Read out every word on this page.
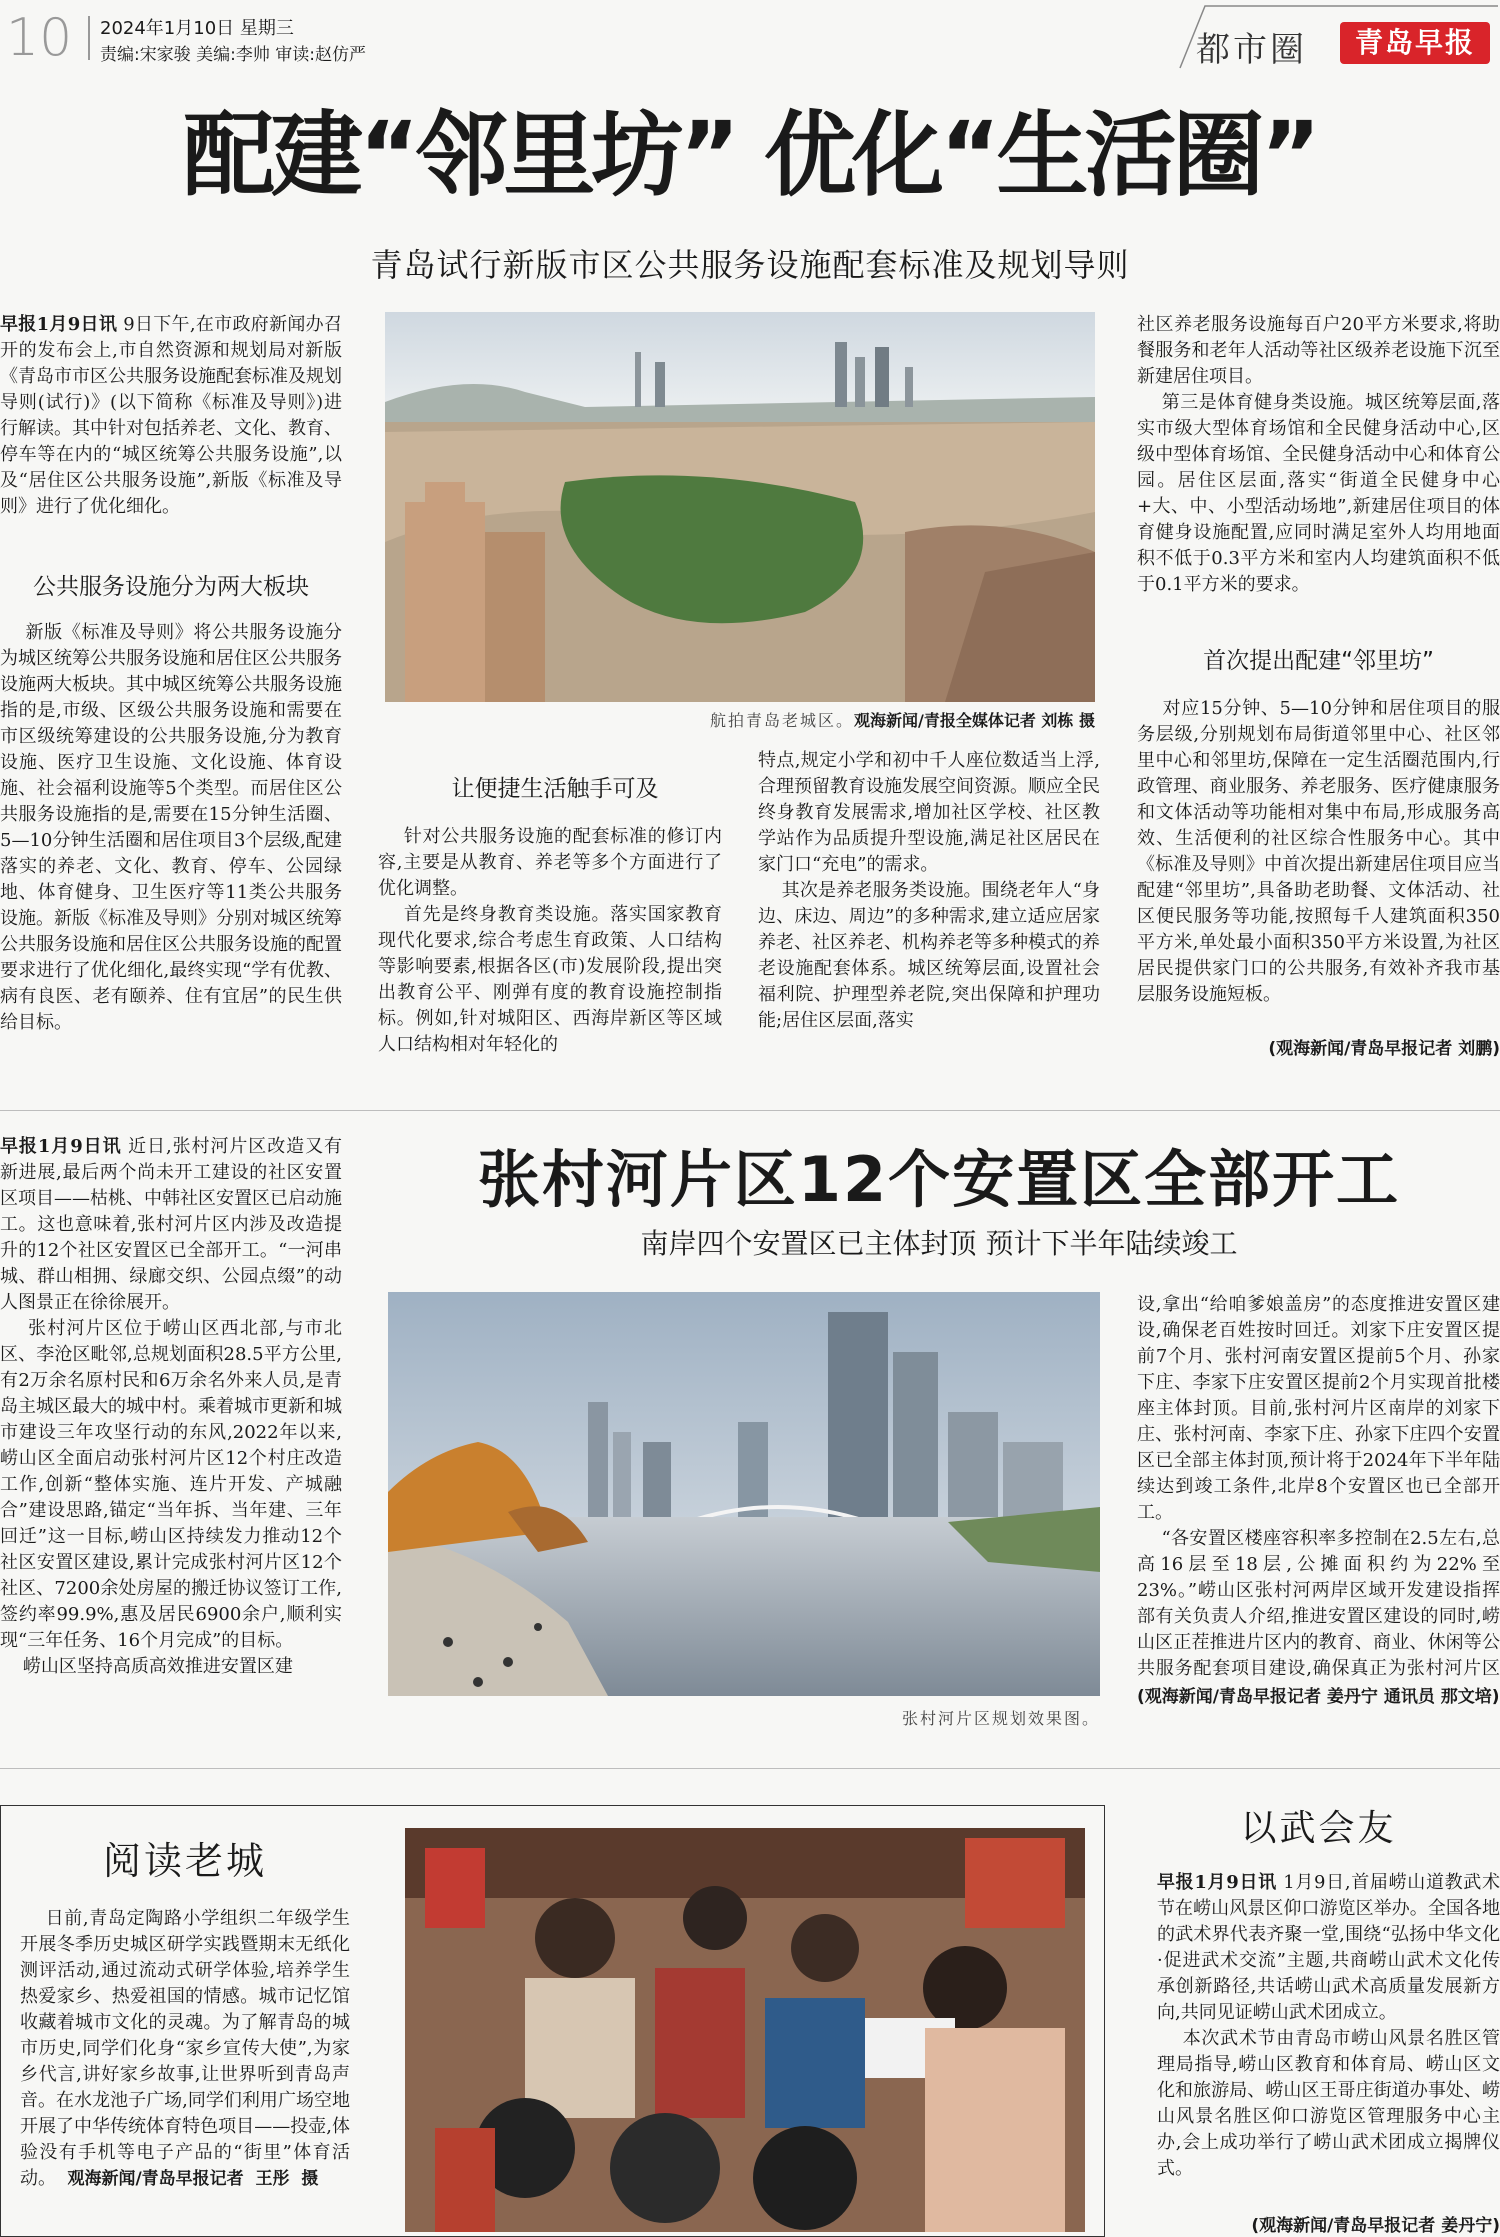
10 2024年1月10日 星期三
责编:宋家骏 美编:李帅 审读:赵仿严	都市圈	青岛早报
配建“邻里坊” 优化“生活圈”
青岛试行新版市区公共服务设施配套标准及规划导则
早报1月9日讯 9日下午,在市政府新闻办召开的发布会上,市自然资源和规划局对新版《青岛市市区公共服务设施配套标准及规划导则(试行)》(以下简称《标准及导则》)进行解读。其中针对包括养老、文化、教育、停车等在内的“城区统筹公共服务设施”,以及“居住区公共服务设施”,新版《标准及导则》进行了优化细化。
公共服务设施分为两大板块
新版《标准及导则》将公共服务设施分为城区统筹公共服务设施和居住区公共服务设施两大板块。其中城区统筹公共服务设施指的是,市级、区级公共服务设施和需要在市区级统筹建设的公共服务设施,分为教育设施、医疗卫生设施、文化设施、体育设施、社会福利设施等5个类型。而居住区公共服务设施指的是,需要在15分钟生活圈、5—10分钟生活圈和居住项目3个层级,配建落实的养老、文化、教育、停车、公园绿地、体育健身、卫生医疗等11类公共服务设施。新版《标准及导则》分别对城区统筹公共服务设施和居住区公共服务设施的配置要求进行了优化细化,最终实现“学有优教、病有良医、老有颐养、住有宜居”的民生供给目标。
航拍青岛老城区。观海新闻/青报全媒体记者 刘栋 摄
让便捷生活触手可及
针对公共服务设施的配套标准的修订内容,主要是从教育、养老等多个方面进行了优化调整。
首先是终身教育类设施。落实国家教育现代化要求,综合考虑生育政策、人口结构等影响要素,根据各区(市)发展阶段,提出突出教育公平、刚弹有度的教育设施控制指标。例如,针对城阳区、西海岸新区等区域人口结构相对年轻化的
特点,规定小学和初中千人座位数适当上浮,合理预留教育设施发展空间资源。顺应全民终身教育发展需求,增加社区学校、社区教学站作为品质提升型设施,满足社区居民在家门口“充电”的需求。
其次是养老服务类设施。围绕老年人“身边、床边、周边”的多种需求,建立适应居家养老、社区养老、机构养老等多种模式的养老设施配套体系。城区统筹层面,设置社会福利院、护理型养老院,突出保障和护理功能;居住区层面,落实
社区养老服务设施每百户20平方米要求,将助餐服务和老年人活动等社区级养老设施下沉至新建居住项目。
第三是体育健身类设施。城区统筹层面,落实市级大型体育场馆和全民健身活动中心,区级中型体育场馆、全民健身活动中心和体育公园。居住区层面,落实“街道全民健身中心+大、中、小型活动场地”,新建居住项目的体育健身设施配置,应同时满足室外人均用地面积不低于0.3平方米和室内人均建筑面积不低于0.1平方米的要求。
首次提出配建“邻里坊”
对应15分钟、5—10分钟和居住项目的服务层级,分别规划布局街道邻里中心、社区邻里中心和邻里坊,保障在一定生活圈范围内,行政管理、商业服务、养老服务、医疗健康服务和文体活动等功能相对集中布局,形成服务高效、生活便利的社区综合性服务中心。其中《标准及导则》中首次提出新建居住项目应当配建“邻里坊”,具备助老助餐、文体活动、社区便民服务等功能,按照每千人建筑面积350平方米,单处最小面积350平方米设置,为社区居民提供家门口的公共服务,有效补齐我市基层服务设施短板。
(观海新闻/青岛早报记者 刘鹏)
早报1月9日讯 近日,张村河片区改造又有新进展,最后两个尚未开工建设的社区安置区项目——枯桃、中韩社区安置区已启动施工。这也意味着,张村河片区内涉及改造提升的12个社区安置区已全部开工。“一河串城、群山相拥、绿廊交织、公园点缀”的动人图景正在徐徐展开。
张村河片区位于崂山区西北部,与市北区、李沧区毗邻,总规划面积28.5平方公里,有2万余名原村民和6万余名外来人员,是青岛主城区最大的城中村。乘着城市更新和城市建设三年攻坚行动的东风,2022年以来,崂山区全面启动张村河片区12个村庄改造工作,创新“整体实施、连片开发、产城融合”建设思路,锚定“当年拆、当年建、三年回迁”这一目标,崂山区持续发力推动12个社区安置区建设,累计完成张村河片区12个社区、7200余处房屋的搬迁协议签订工作,签约率99.9%,惠及居民6900余户,顺利实现“三年任务、16个月完成”的目标。
崂山区坚持高质高效推进安置区建
张村河片区12个安置区全部开工
南岸四个安置区已主体封顶 预计下半年陆续竣工
张村河片区规划效果图。
设,拿出“给咱爹娘盖房”的态度推进安置区建设,确保老百姓按时回迁。刘家下庄安置区提前7个月、张村河南安置区提前5个月、孙家下庄、李家下庄安置区提前2个月实现首批楼座主体封顶。目前,张村河片区南岸的刘家下庄、张村河南、李家下庄、孙家下庄四个安置区已全部主体封顶,预计将于2024年下半年陆续达到竣工条件,北岸8个安置区也已全部开工。
“各安置区楼座容积率多控制在2.5左右,总高16层至18层,公摊面积约为22%至23%。”崂山区张村河两岸区域开发建设指挥部有关负责人介绍,推进安置区建设的同时,崂山区正茬推进片区内的教育、商业、休闲等公共服务配套项目建设,确保真正为张村河片区
(观海新闻/青岛早报记者 姜丹宁 通讯员 那文培)
阅读老城
日前,青岛定陶路小学组织二年级学生开展冬季历史城区研学实践暨期末无纸化测评活动,通过流动式研学体验,培养学生热爱家乡、热爱祖国的情感。城市记忆馆收藏着城市文化的灵魂。为了解青岛的城市历史,同学们化身“家乡宣传大使”,为家乡代言,讲好家乡故事,让世界听到青岛声音。在水龙池子广场,同学们利用广场空地开展了中华传统体育特色项目——投壶,体验没有手机等电子产品的“街里”体育活动。 观海新闻/青岛早报记者  王彤  摄
以武会友
早报1月9日讯 1月9日,首届崂山道教武术节在崂山风景区仰口游览区举办。全国各地的武术界代表齐聚一堂,围绕“弘扬中华文化·促进武术交流”主题,共商崂山武术文化传承创新路径,共话崂山武术高质量发展新方向,共同见证崂山武术团成立。
本次武术节由青岛市崂山风景名胜区管理局指导,崂山区教育和体育局、崂山区文化和旅游局、崂山区王哥庄街道办事处、崂山风景名胜区仰口游览区管理服务中心主办,会上成功举行了崂山武术团成立揭牌仪式。
(观海新闻/青岛早报记者 姜丹宁)
